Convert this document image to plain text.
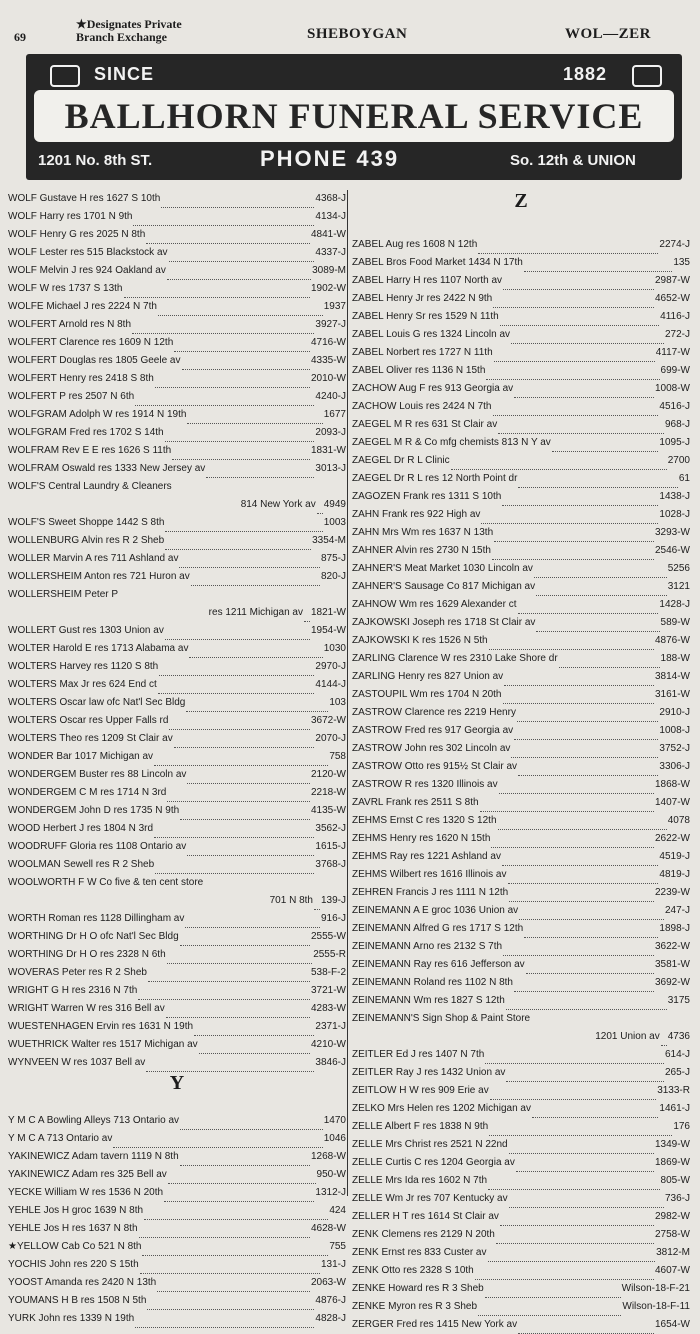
69
★Designates Private
Branch Exchange	SHEBOYGAN	WOL—ZER
SINCE	1882
BALLHORN FUNERAL SERVICE
1201 No. 8th ST.	PHONE 439	So. 12th & UNION
WOLF Gustave H res 1627 S 10th	4368-J
WOLF Harry res 1701 N 9th	4134-J
WOLF Henry G res 2025 N 8th	4841-W
WOLF Lester res 515 Blackstock av	4337-J
WOLF Melvin J res 924 Oakland av	3089-M
WOLF W res 1737 S 13th	1902-W
WOLFE Michael J res 2224 N 7th	1937
WOLFERT Arnold res N 8th	3927-J
WOLFERT Clarence res 1609 N 12th	4716-W
WOLFERT Douglas res 1805 Geele av	4335-W
WOLFERT Henry res 2418 S 8th	2010-W
WOLFERT P res 2507 N 6th	4240-J
WOLFGRAM Adolph W res 1914 N 19th	1677
WOLFGRAM Fred res 1702 S 14th	2093-J
WOLFRAM Rev E E res 1626 S 11th	1831-W
WOLFRAM Oswald res 1333 New Jersey av	3013-J
WOLF'S Central Laundry & Cleaners
814 New York av 4949
WOLF'S Sweet Shoppe 1442 S 8th	1003
WOLLENBURG Alvin res R 2 Sheb	3354-M
WOLLER Marvin A res 711 Ashland av	875-J
WOLLERSHEIM Anton res 721 Huron av	820-J
WOLLERSHEIM Peter P
res 1211 Michigan av 1821-W
WOLLERT Gust res 1303 Union av	1954-W
WOLTER Harold E res 1713 Alabama av	1030
WOLTERS Harvey res 1120 S 8th	2970-J
WOLTERS Max Jr res 624 End ct	4144-J
WOLTERS Oscar law ofc Nat'l Sec Bldg	103
WOLTERS Oscar res Upper Falls rd	3672-W
WOLTERS Theo res 1209 St Clair av	2070-J
WONDER Bar 1017 Michigan av	758
WONDERGEM Buster res 88 Lincoln av	2120-W
WONDERGEM C M res 1714 N 3rd	2218-W
WONDERGEM John D res 1735 N 9th	4135-W
WOOD Herbert J res 1804 N 3rd	3562-J
WOODRUFF Gloria res 1108 Ontario av	1615-J
WOOLMAN Sewell res R 2 Sheb	3768-J
WOOLWORTH F W Co five & ten cent store
701 N 8th 139-J
WORTH Roman res 1128 Dillingham av	916-J
WORTHING Dr H O ofc Nat'l Sec Bldg	2555-W
WORTHING Dr H O res 2328 N 6th	2555-R
WOVERAS Peter res R 2 Sheb	538-F-2
WRIGHT G H res 2316 N 7th	3721-W
WRIGHT Warren W res 316 Bell av	4283-W
WUESTENHAGEN Ervin res 1631 N 19th	2371-J
WUETHRICK Walter res 1517 Michigan av	4210-W
WYNVEEN W res 1037 Bell av	3846-J
Y
Y M C A Bowling Alleys 713 Ontario av	1470
Y M C A 713 Ontario av	1046
YAKINEWICZ Adam tavern 1119 N 8th	1268-W
YAKINEWICZ Adam res 325 Bell av	950-W
YECKE William W res 1536 N 20th	1312-J
YEHLE Jos H groc 1639 N 8th	424
YEHLE Jos H res 1637 N 8th	4628-W
★YELLOW Cab Co 521 N 8th	755
YOCHIS John res 220 S 15th	131-J
YOOST Amanda res 2420 N 13th	2063-W
YOUMANS H B res 1508 N 5th	4876-J
YURK John res 1339 N 19th	4828-J
Z
ZABEL Aug res 1608 N 12th	2274-J
ZABEL Bros Food Market 1434 N 17th	135
ZABEL Harry H res 1107 North av	2987-W
ZABEL Henry Jr res 2422 N 9th	4652-W
ZABEL Henry Sr res 1529 N 11th	4116-J
ZABEL Louis G res 1324 Lincoln av	272-J
ZABEL Norbert res 1727 N 11th	4117-W
ZABEL Oliver res 1136 N 15th	699-W
ZACHOW Aug F res 913 Georgia av	1008-W
ZACHOW Louis res 2424 N 7th	4516-J
ZAEGEL M R res 631 St Clair av	968-J
ZAEGEL M R & Co mfg chemists 813 N Y av	1095-J
ZAEGEL Dr R L Clinic	2700
ZAEGEL Dr R L res 12 North Point dr	61
ZAGOZEN Frank res 1311 S 10th	1438-J
ZAHN Frank res 922 High av	1028-J
ZAHN Mrs Wm res 1637 N 13th	3293-W
ZAHNER Alvin res 2730 N 15th	2546-W
ZAHNER'S Meat Market 1030 Lincoln av	5256
ZAHNER'S Sausage Co 817 Michigan av	3121
ZAHNOW Wm res 1629 Alexander ct	1428-J
ZAJKOWSKI Joseph res 1718 St Clair av	589-W
ZAJKOWSKI K res 1526 N 5th	4876-W
ZARLING Clarence W res 2310 Lake Shore dr	188-W
ZARLING Henry res 827 Union av	3814-W
ZASTOUPIL Wm res 1704 N 20th	3161-W
ZASTROW Clarence res 2219 Henry	2910-J
ZASTROW Fred res 917 Georgia av	1008-J
ZASTROW John res 302 Lincoln av	3752-J
ZASTROW Otto res 915½ St Clair av	3306-J
ZASTROW R res 1320 Illinois av	1868-W
ZAVRL Frank res 2511 S 8th	1407-W
ZEHMS Ernst C res 1320 S 12th	4078
ZEHMS Henry res 1620 N 15th	2622-W
ZEHMS Ray res 1221 Ashland av	4519-J
ZEHMS Wilbert res 1616 Illinois av	4819-J
ZEHREN Francis J res 1111 N 12th	2239-W
ZEINEMANN A E groc 1036 Union av	247-J
ZEINEMANN Alfred G res 1717 S 12th	1898-J
ZEINEMANN Arno res 2132 S 7th	3622-W
ZEINEMANN Ray res 616 Jefferson av	3581-W
ZEINEMANN Roland res 1102 N 8th	3692-W
ZEINEMANN Wm res 1827 S 12th	3175
ZEINEMANN'S Sign Shop & Paint Store
1201 Union av 4736
ZEITLER Ed J res 1407 N 7th	614-J
ZEITLER Ray J res 1432 Union av	265-J
ZEITLOW H W res 909 Erie av	3133-R
ZELKO Mrs Helen res 1202 Michigan av	1461-J
ZELLE Albert F res 1838 N 9th	176
ZELLE Mrs Christ res 2521 N 22nd	1349-W
ZELLE Curtis C res 1204 Georgia av	1869-W
ZELLE Mrs Ida res 1602 N 7th	805-W
ZELLE Wm Jr res 707 Kentucky av	736-J
ZELLER H T res 1614 St Clair av	2982-W
ZENK Clemens res 2129 N 20th	2758-W
ZENK Ernst res 833 Custer av	3812-M
ZENK Otto res 2328 S 10th	4607-W
ZENKE Howard res R 3 Sheb	Wilson-18-F-21
ZENKE Myron res R 3 Sheb	Wilson-18-F-11
ZERGER Fred res 1415 New York av	1654-W
